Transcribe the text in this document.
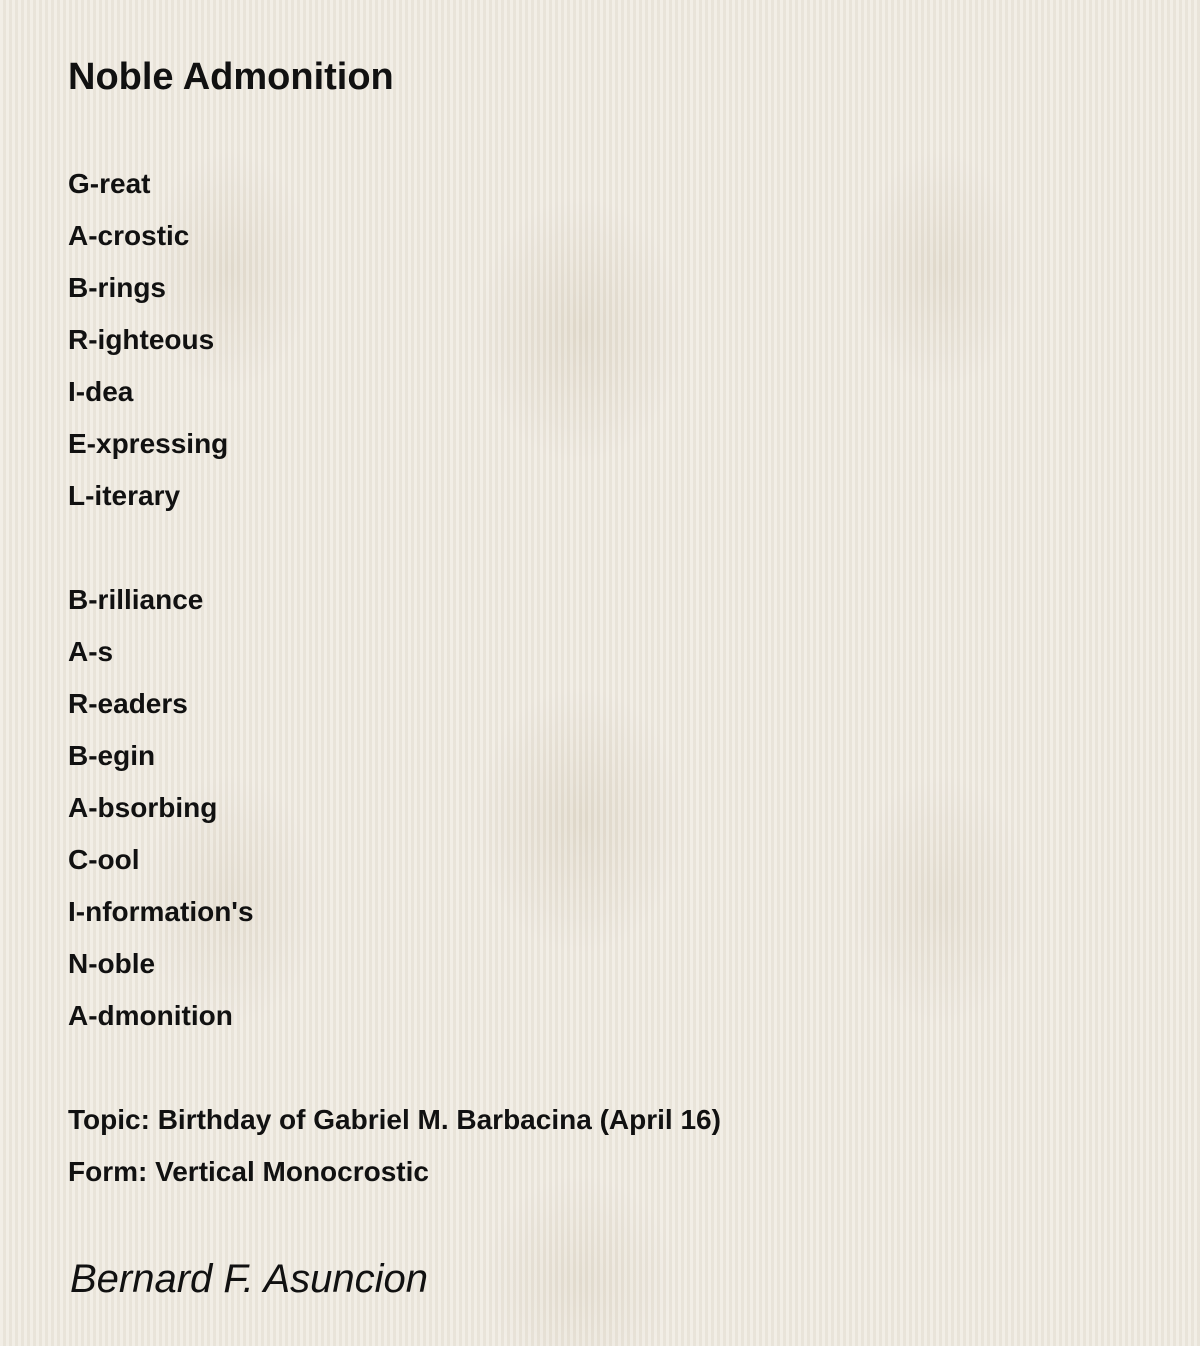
Noble Admonition
G-reat
A-crostic
B-rings
R-ighteous
I-dea
E-xpressing
L-iterary
B-rilliance
A-s
R-eaders
B-egin
A-bsorbing
C-ool
I-nformation's
N-oble
A-dmonition
Topic: Birthday of Gabriel M. Barbacina (April 16)
Form: Vertical Monocrostic
Bernard F. Asuncion
